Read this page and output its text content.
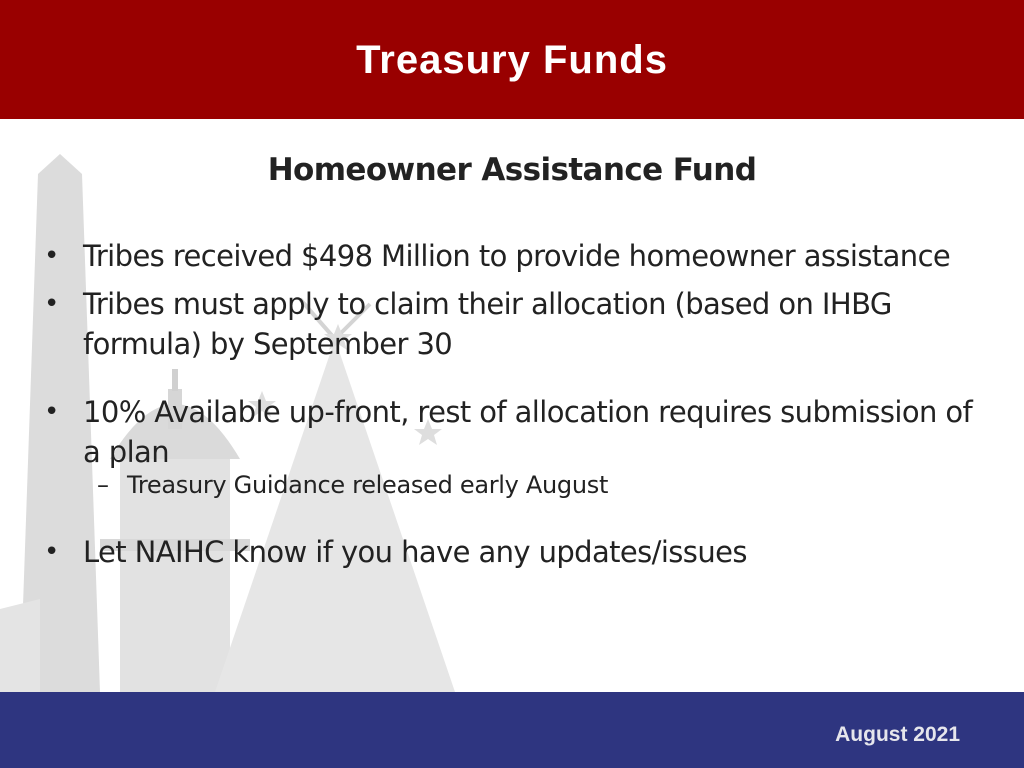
Treasury Funds
Homeowner Assistance Fund
• Tribes received $498 Million to provide homeowner assistance
• Tribes must apply to claim their allocation (based on IHBG formula) by September 30
• 10% Available up-front, rest of allocation requires submission of a plan
– Treasury Guidance released early August
• Let NAIHC know if you have any updates/issues
August 2021
